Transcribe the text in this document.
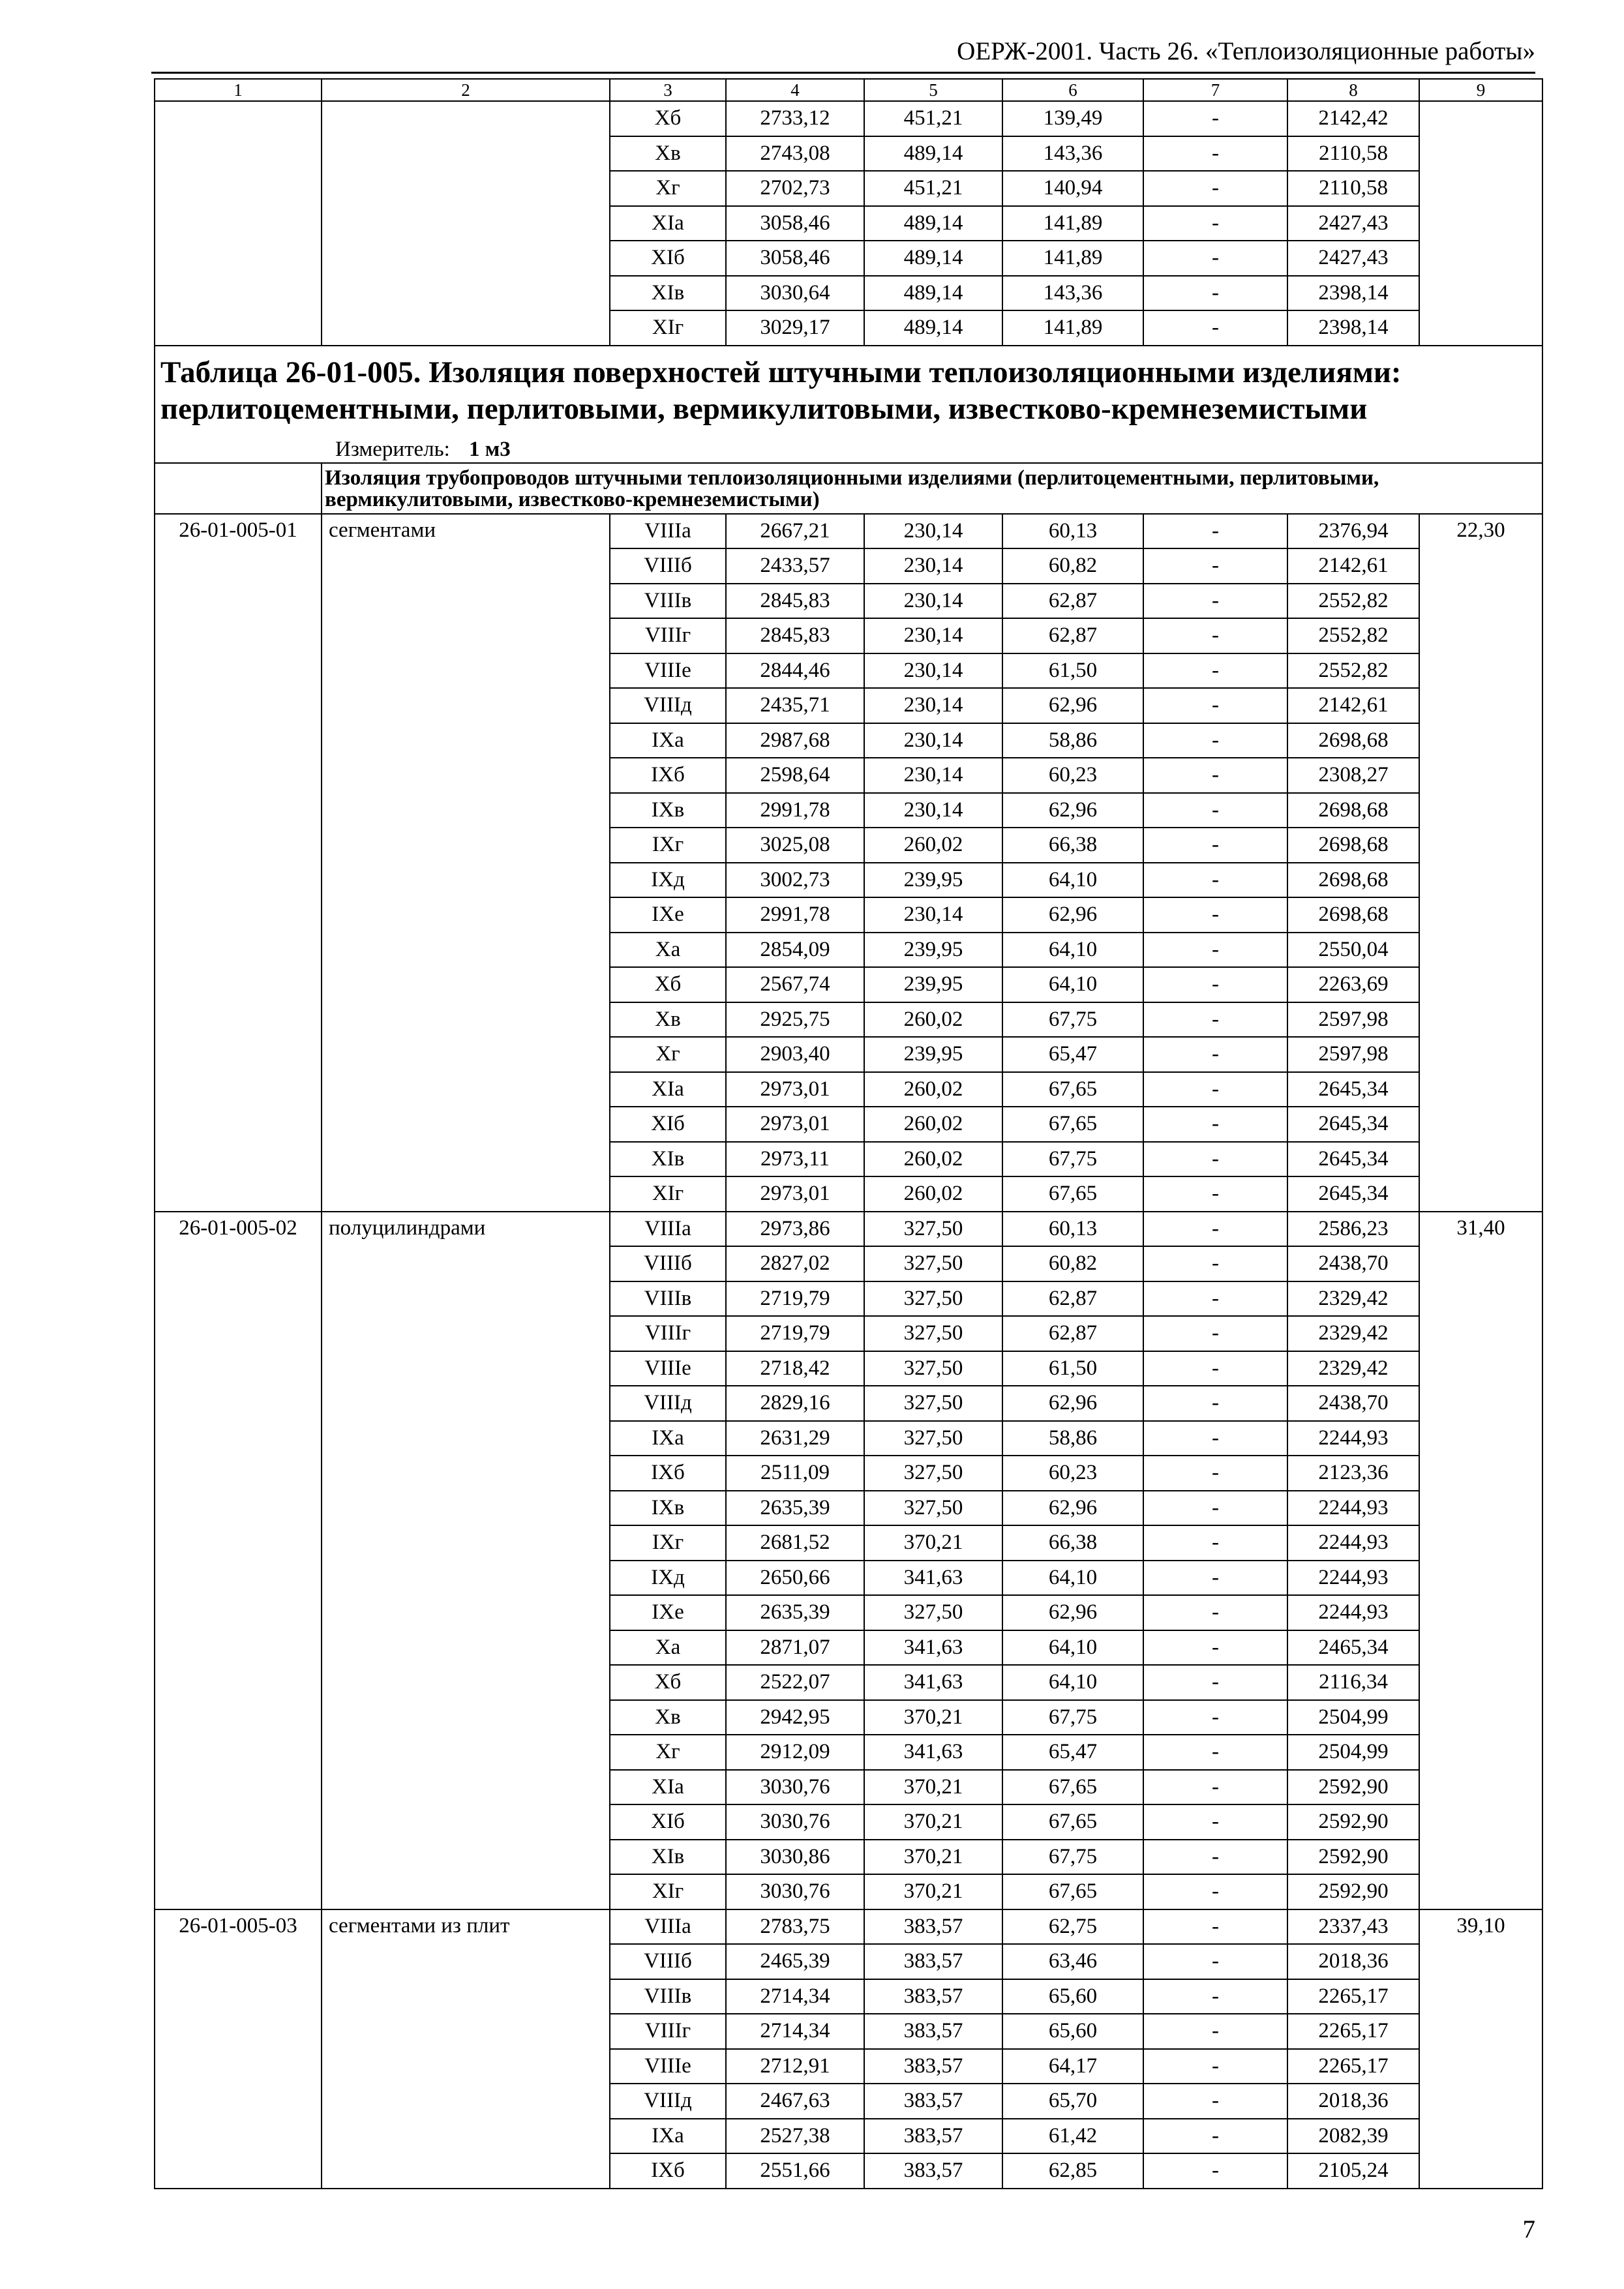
ОЕРЖ-2001. Часть 26. «Теплоизоляционные работы»
1	2	3	4	5	6	7	8	9
		Хб	2733,12	451,21	139,49	-	2142,42	
		Хв	2743,08	489,14	143,36	-	2110,58	
		Хг	2702,73	451,21	140,94	-	2110,58	
		ХIа	3058,46	489,14	141,89	-	2427,43	
		ХIб	3058,46	489,14	141,89	-	2427,43	
		ХIв	3030,64	489,14	143,36	-	2398,14	
		ХIг	3029,17	489,14	141,89	-	2398,14	

Таблица 26-01-005. Изоляция поверхностей штучными теплоизоляционными изделиями:
перлитоцементными, перлитовыми, вермикулитовыми, известково-кремнеземистыми
Измеритель: 1 м3								

	Изоляция трубопроводов штучными теплоизоляционными изделиями (перлитоцементными, перлитовыми, вермикулитовыми, известково-кремнеземистыми)							
26-01-005-01	сегментами	VIIIа	2667,21	230,14	60,13	-	2376,94	22,30
		VIIIб	2433,57	230,14	60,82	-	2142,61	
		VIIIв	2845,83	230,14	62,87	-	2552,82	
		VIIIг	2845,83	230,14	62,87	-	2552,82	
		VIIIе	2844,46	230,14	61,50	-	2552,82	
		VIIIд	2435,71	230,14	62,96	-	2142,61	
		IХа	2987,68	230,14	58,86	-	2698,68	
		IХб	2598,64	230,14	60,23	-	2308,27	
		IХв	2991,78	230,14	62,96	-	2698,68	
		IХг	3025,08	260,02	66,38	-	2698,68	
		IХд	3002,73	239,95	64,10	-	2698,68	
		IХе	2991,78	230,14	62,96	-	2698,68	
		Ха	2854,09	239,95	64,10	-	2550,04	
		Хб	2567,74	239,95	64,10	-	2263,69	
		Хв	2925,75	260,02	67,75	-	2597,98	
		Хг	2903,40	239,95	65,47	-	2597,98	
		ХIа	2973,01	260,02	67,65	-	2645,34	
		ХIб	2973,01	260,02	67,65	-	2645,34	
		ХIв	2973,11	260,02	67,75	-	2645,34	
		ХIг	2973,01	260,02	67,65	-	2645,34	
26-01-005-02	полуцилиндрами	VIIIа	2973,86	327,50	60,13	-	2586,23	31,40
		VIIIб	2827,02	327,50	60,82	-	2438,70	
		VIIIв	2719,79	327,50	62,87	-	2329,42	
		VIIIг	2719,79	327,50	62,87	-	2329,42	
		VIIIе	2718,42	327,50	61,50	-	2329,42	
		VIIIд	2829,16	327,50	62,96	-	2438,70	
		IХа	2631,29	327,50	58,86	-	2244,93	
		IХб	2511,09	327,50	60,23	-	2123,36	
		IХв	2635,39	327,50	62,96	-	2244,93	
		IХг	2681,52	370,21	66,38	-	2244,93	
		IХд	2650,66	341,63	64,10	-	2244,93	
		IХе	2635,39	327,50	62,96	-	2244,93	
		Ха	2871,07	341,63	64,10	-	2465,34	
		Хб	2522,07	341,63	64,10	-	2116,34	
		Хв	2942,95	370,21	67,75	-	2504,99	
		Хг	2912,09	341,63	65,47	-	2504,99	
		ХIа	3030,76	370,21	67,65	-	2592,90	
		ХIб	3030,76	370,21	67,65	-	2592,90	
		ХIв	3030,86	370,21	67,75	-	2592,90	
		ХIг	3030,76	370,21	67,65	-	2592,90	
26-01-005-03	сегментами из плит	VIIIа	2783,75	383,57	62,75	-	2337,43	39,10
		VIIIб	2465,39	383,57	63,46	-	2018,36	
		VIIIв	2714,34	383,57	65,60	-	2265,17	
		VIIIг	2714,34	383,57	65,60	-	2265,17	
		VIIIе	2712,91	383,57	64,17	-	2265,17	
		VIIIд	2467,63	383,57	65,70	-	2018,36	
		IХа	2527,38	383,57	61,42	-	2082,39	
		IХб	2551,66	383,57	62,85	-	2105,24	
7
